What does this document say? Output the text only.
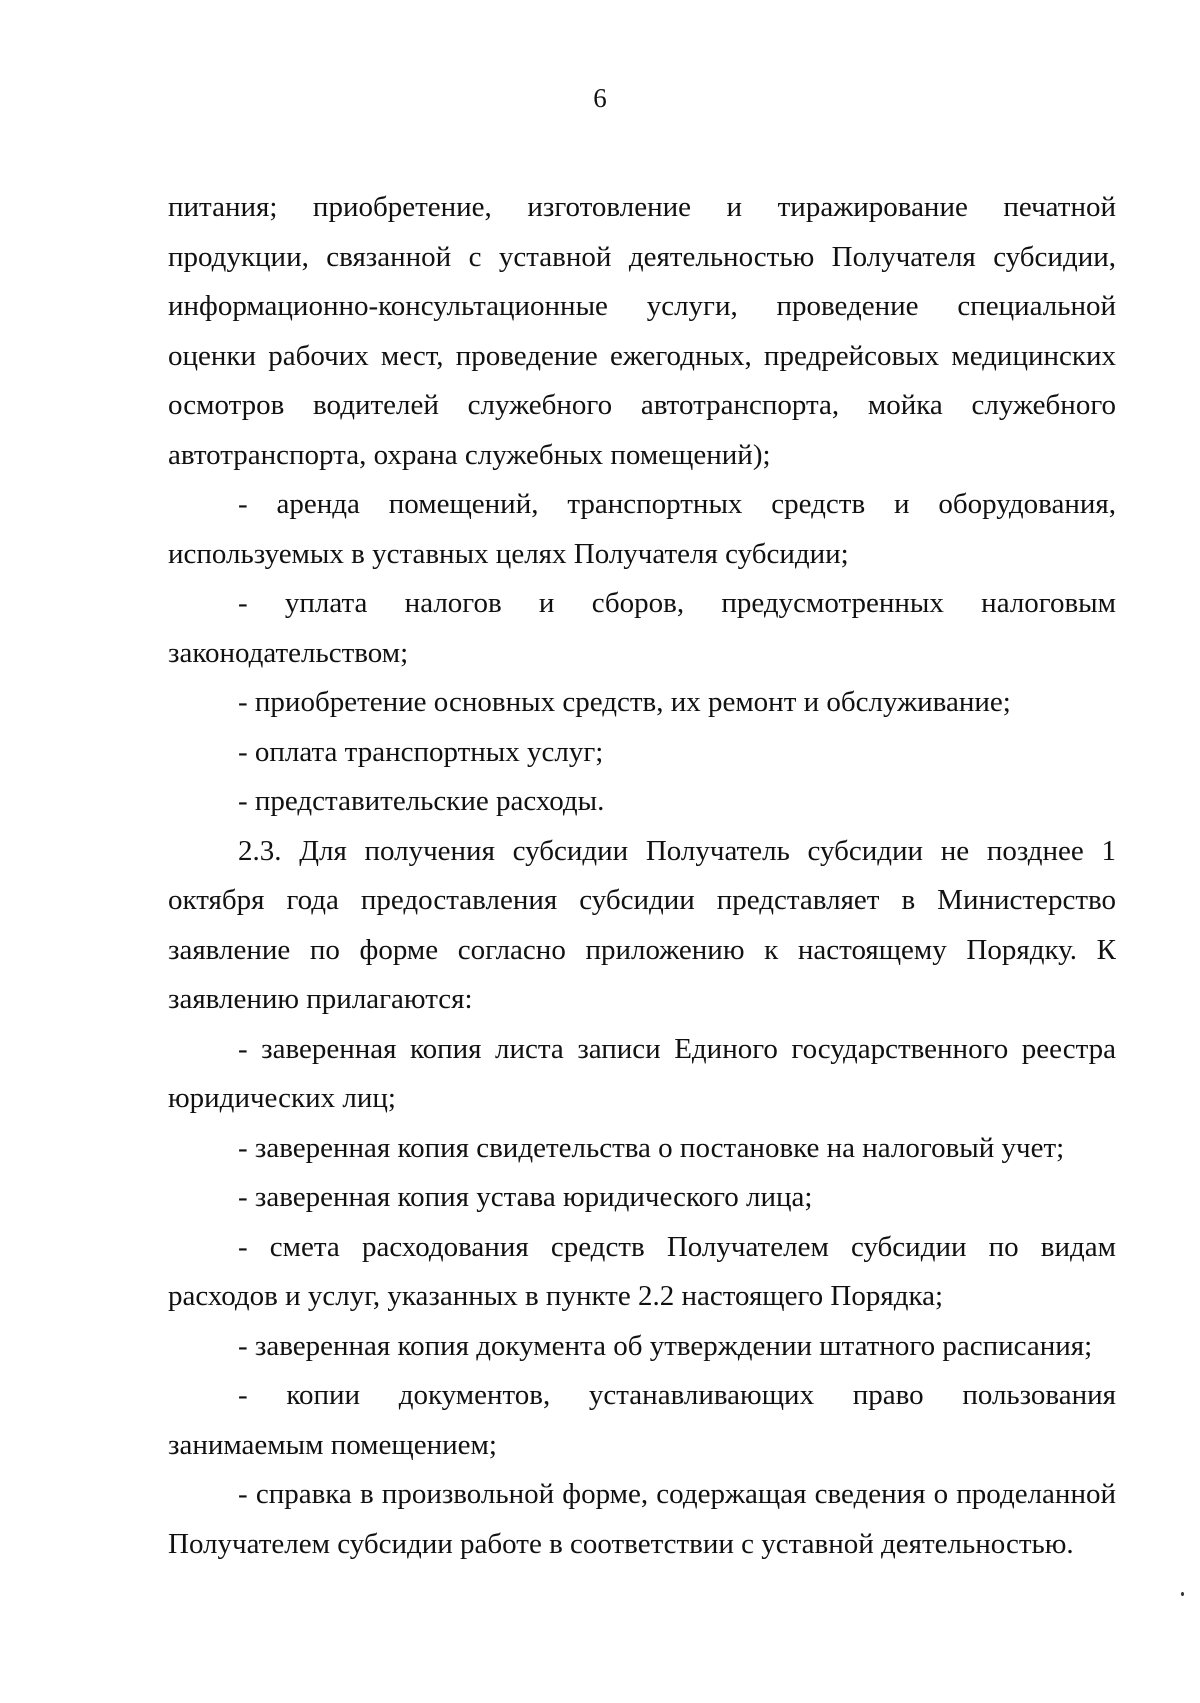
6

питания; приобретение, изготовление и тиражирование печатной продукции, связанной с уставной деятельностью Получателя субсидии, информационно-консультационные услуги, проведение специальной оценки рабочих мест, проведение ежегодных, предрейсовых медицинских осмотров водителей служебного автотранспорта, мойка служебного автотранспорта, охрана служебных помещений);

- аренда помещений, транспортных средств и оборудования, используемых в уставных целях Получателя субсидии;

- уплата налогов и сборов, предусмотренных налоговым законодательством;

- приобретение основных средств, их ремонт и обслуживание;

- оплата транспортных услуг;

- представительские расходы.

2.3. Для получения субсидии Получатель субсидии не позднее 1 октября года предоставления субсидии представляет в Министерство заявление по форме согласно приложению к настоящему Порядку. К заявлению прилагаются:

- заверенная копия листа записи Единого государственного реестра юридических лиц;

- заверенная копия свидетельства о постановке на налоговый учет;

- заверенная копия устава юридического лица;

- смета расходования средств Получателем субсидии по видам расходов и услуг, указанных в пункте 2.2 настоящего Порядка;

- заверенная копия документа об утверждении штатного расписания;

- копии документов, устанавливающих право пользования занимаемым помещением;

- справка в произвольной форме, содержащая сведения о проделанной Получателем субсидии работе в соответствии с уставной деятельностью.
